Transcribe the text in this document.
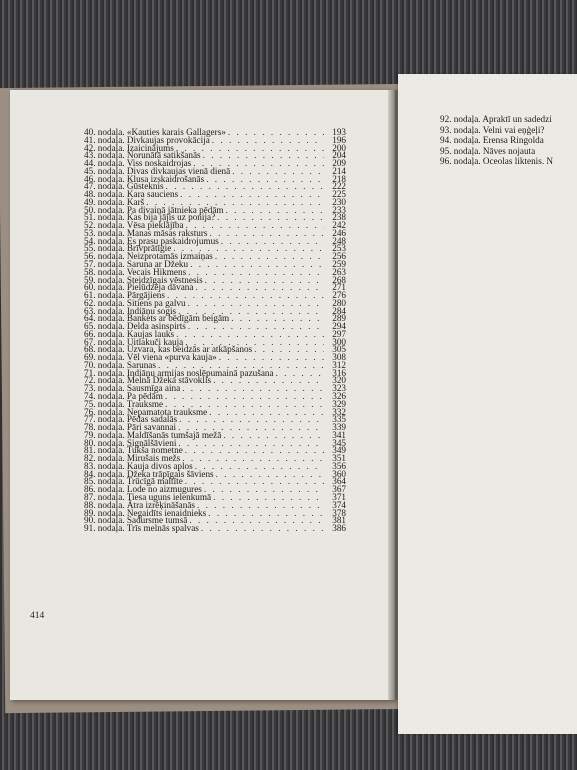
40. nodaļa. «Kauties karais Gallagers» . . .	193
41. nodaļa. Divkaujas provokācija . . .	196
42. nodaļa. Izaicinājums . . .	200
43. nodaļa. Norunātā satikšanās . . .	204
44. nodaļa. Viss noskaidrojas . . .	209
45. nodaļa. Divas divkaujas vienā dienā . . .	214
46. nodaļa. Klusa izskaidrošanās . . .	218
47. nodaļa. Gūsteknis . . .	222
48. nodaļa. Kara sauciens . . .	225
49. nodaļa. Karš . . .	230
50. nodaļa. Pa divaiņā jātnieka pēdām . . .	233
51. nodaļa. Kas bija jājis uz ponija? . . .	238
52. nodaļa. Vēsa pieklājība . . .	242
53. nodaļa. Manas māsas raksturs . . .	246
54. nodaļa. Es prasu paskaidrojumus . . .	248
55. nodaļa. Brīvprātīgie . . .	253
56. nodaļa. Neizprotamās izmaiņas . . .	256
57. nodaļa. Saruna ar Džeku . . .	259
58. nodaļa. Vecais Hikmens . . .	263
59. nodaļa. Steidzīgais vēstnesis . . .	268
60. nodaļa. Pielūdzēja dāvana . . .	271
61. nodaļa. Pārgājiens . . .	276
62. nodaļa. Sitiens pa galvu . . .	280
63. nodaļa. Indiāņu sogis . . .	284
64. nodaļa. Bankets ar bēdīgām beigām . . .	289
65. nodaļa. Delda asinspirts . . .	294
66. nodaļa. Kaujas lauks . . .	297
67. nodaļa. Uitlakuči kauja . . .	300
68. nodaļa. Uzvara, kas beidzās ar atkāpšanos . . .	305
69. nodaļa. Vēl viena «purva kauja» . . .	308
70. nodaļa. Sarunas . . .	312
71. nodaļa. Indiāņu armijas noslēpumainā pazušana . . .	316
72. nodaļa. Melnā Džeka stāvoklis . . .	320
73. nodaļa. Sausmīga aina . . .	323
74. nodaļa. Pa pēdām . . .	326
75. nodaļa. Trauksme . . .	329
76. nodaļa. Nepamatota trauksme . . .	332
77. nodaļa. Pēdas sadalās . . .	335
78. nodaļa. Pāri savannai . . .	339
79. nodaļa. Maldīšanās tumšajā mežā . . .	341
80. nodaļa. Signālšāvieni . . .	345
81. nodaļa. Tukša nometne . . .	349
82. nodaļa. Mirušais mežs . . .	351
83. nodaļa. Kauja divos aplos . . .	356
84. nodaļa. Džeka trāpīgais šāviens . . .	360
85. nodaļa. Trūcīgā maltīte . . .	364
86. nodaļa. Lode no aizmugures . . .	367
87. nodaļa. Tiesa uguns ielenkumā . . .	371
88. nodaļa. Ātra izrēķināšanās . . .	374
89. nodaļa. Negaidīts ienaidnieks . . .	378
90. nodaļa. Sadursme tumsā . . .	381
91. nodaļa. Trīs melnās spalvas . . .	386
414
92. nodaļa. Apraktī un sadedzi
93. nodaļa. Velni vai eņģeļi?
94. nodaļa. Erensa Ringolda
95. nodaļa. Nāves nojauta
96. nodaļa. Oceolas liktenis. N
